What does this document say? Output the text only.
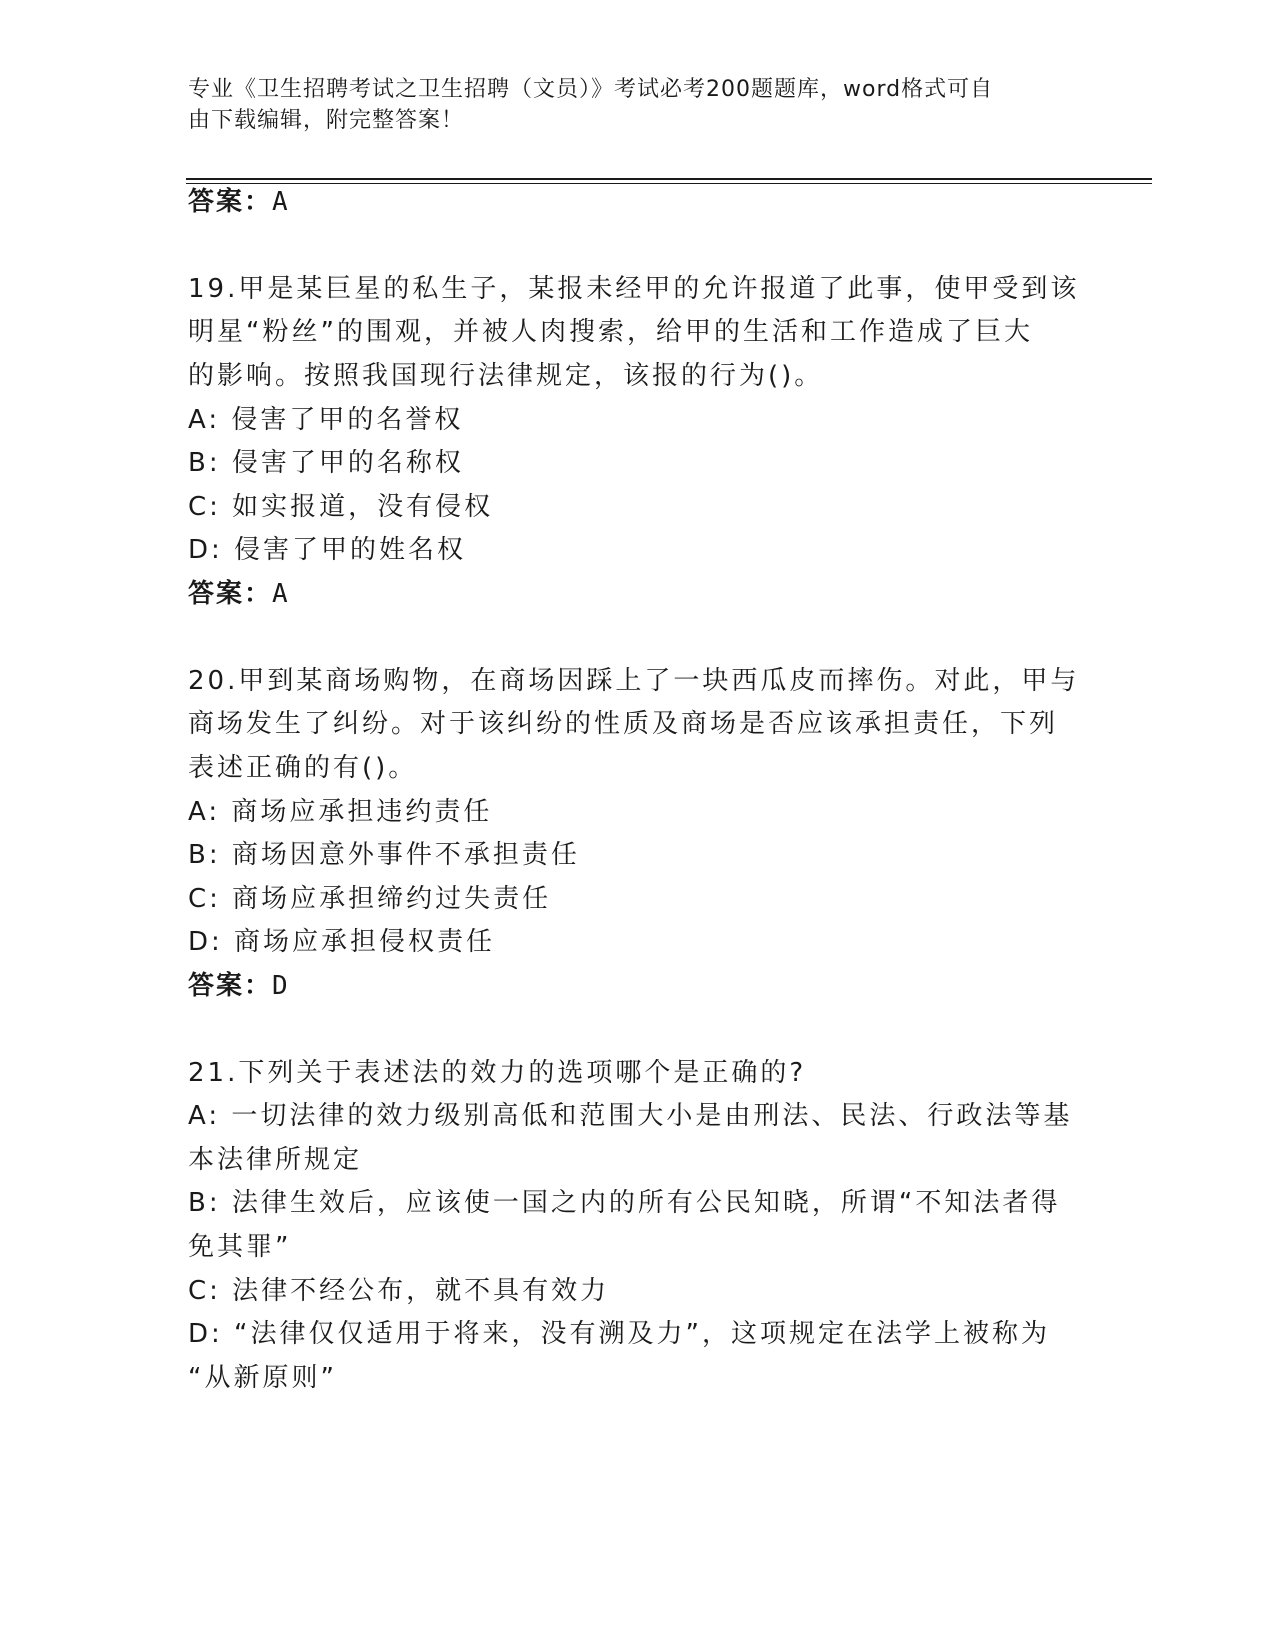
专业《卫生招聘考试之卫生招聘（文员）》考试必考200题题库，word格式可自
由下载编辑，附完整答案！
答案：A
19.甲是某巨星的私生子，某报未经甲的允许报道了此事，使甲受到该
明星“粉丝”的围观，并被人肉搜索，给甲的生活和工作造成了巨大
的影响。按照我国现行法律规定，该报的行为()。
A: 侵害了甲的名誉权
B: 侵害了甲的名称权
C: 如实报道，没有侵权
D: 侵害了甲的姓名权
答案：A
20.甲到某商场购物，在商场因踩上了一块西瓜皮而摔伤。对此，甲与
商场发生了纠纷。对于该纠纷的性质及商场是否应该承担责任，下列
表述正确的有()。
A: 商场应承担违约责任
B: 商场因意外事件不承担责任
C: 商场应承担缔约过失责任
D: 商场应承担侵权责任
答案：D
21.下列关于表述法的效力的选项哪个是正确的?
A: 一切法律的效力级别高低和范围大小是由刑法、民法、行政法等基
本法律所规定
B: 法律生效后，应该使一国之内的所有公民知晓，所谓“不知法者得
免其罪”
C: 法律不经公布，就不具有效力
D: “法律仅仅适用于将来，没有溯及力”，这项规定在法学上被称为
“从新原则”
